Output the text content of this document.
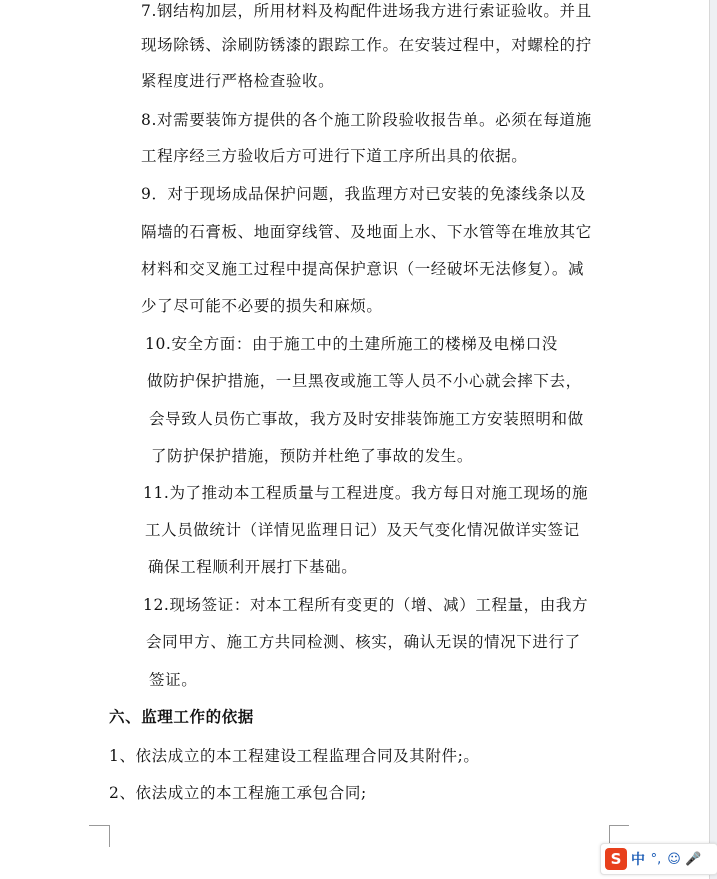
7.钢结构加层，所用材料及构配件进场我方进行索证验收。并且
现场除锈、涂刷防锈漆的跟踪工作。在安装过程中，对螺栓的拧
紧程度进行严格检查验收。
8.对需要装饰方提供的各个施工阶段验收报告单。必须在每道施
工程序经三方验收后方可进行下道工序所出具的依据。
9．对于现场成品保护问题，我监理方对已安装的免漆线条以及
隔墙的石膏板、地面穿线管、及地面上水、下水管等在堆放其它
材料和交叉施工过程中提高保护意识（一经破坏无法修复）。减
少了尽可能不必要的损失和麻烦。
10.安全方面：由于施工中的土建所施工的楼梯及电梯口没
做防护保护措施，一旦黑夜或施工等人员不小心就会摔下去，
会导致人员伤亡事故，我方及时安排装饰施工方安装照明和做
了防护保护措施，预防并杜绝了事故的发生。
11.为了推动本工程质量与工程进度。我方每日对施工现场的施
工人员做统计（详情见监理日记）及天气变化情况做详实签记
确保工程顺利开展打下基础。
12.现场签证：对本工程所有变更的（增、减）工程量，由我方
会同甲方、施工方共同检测、核实，确认无误的情况下进行了
签证。
六、监理工作的依据
1、依法成立的本工程建设工程监理合同及其附件;。
2、依法成立的本工程施工承包合同;
S 中 °, ☺ 🎤
